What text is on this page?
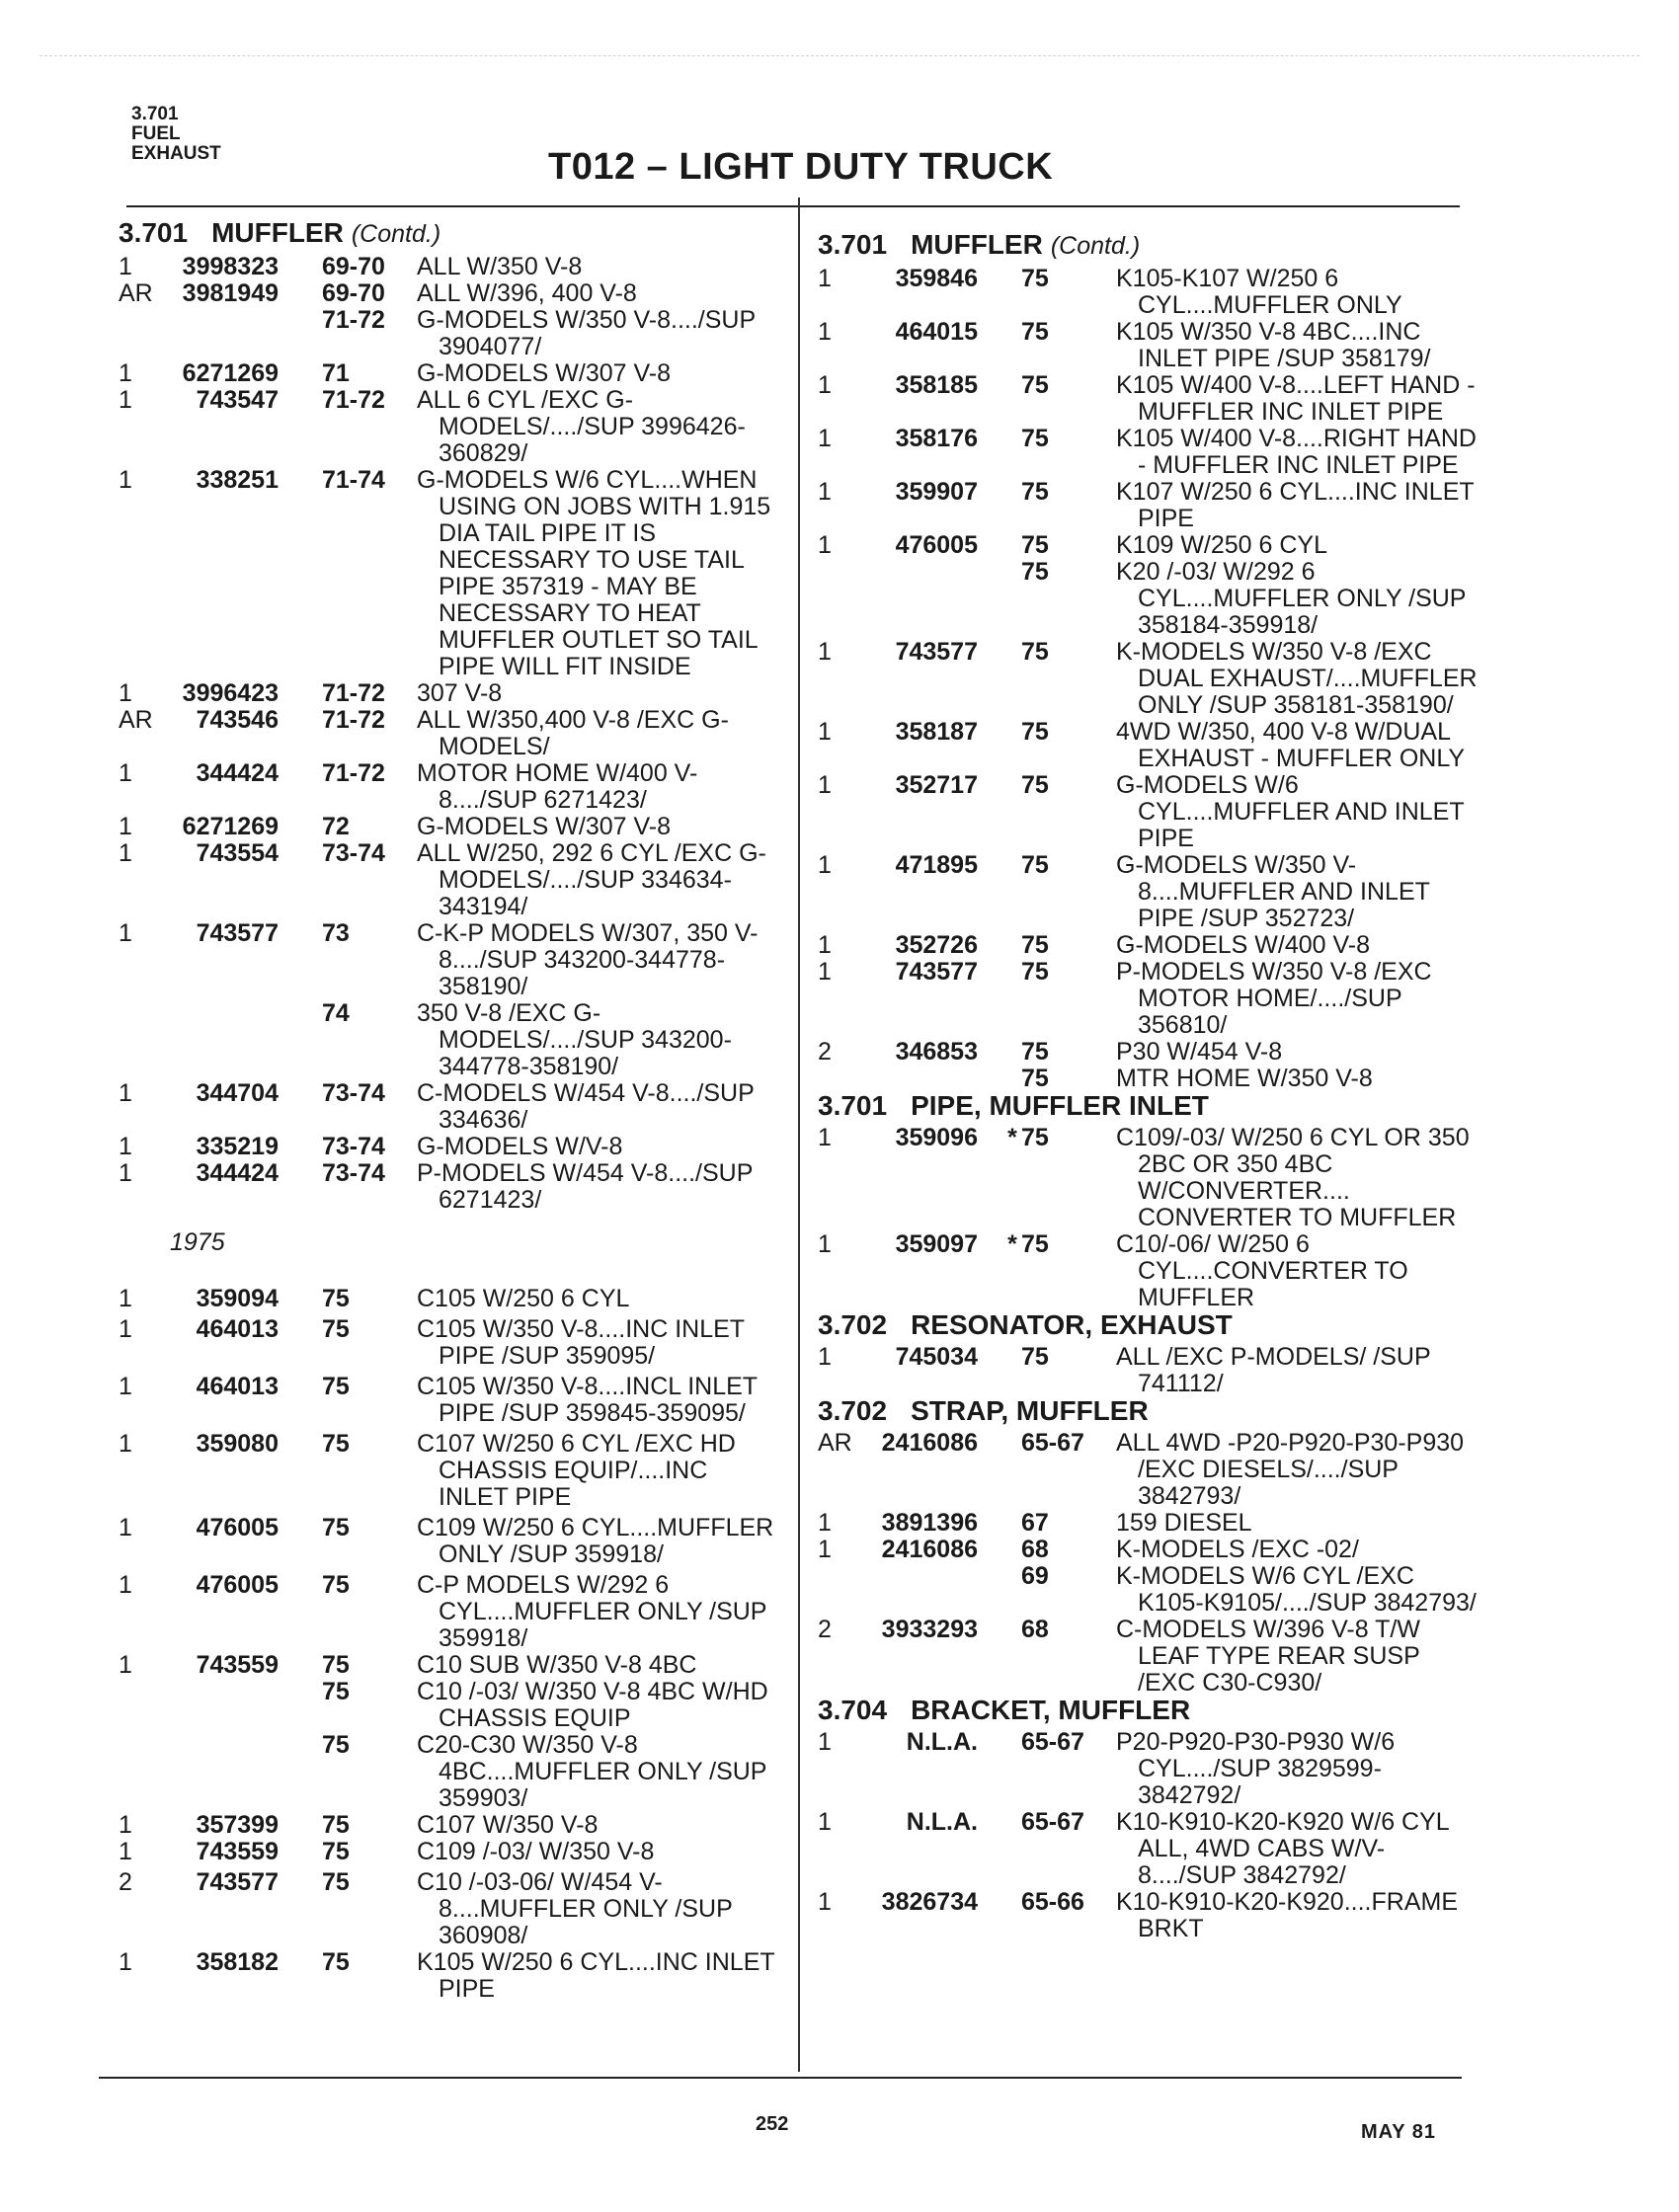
3.701
FUEL
EXHAUST	T012 – LIGHT DUTY TRUCK
3.701 MUFFLER (Contd.)
1	3998323	69-70	ALL W/350 V-8
AR	3981949	69-70	ALL W/396, 400 V-8
71-72	G-MODELS W/350 V-8..../SUP
3904077/
1	6271269	71	G-MODELS W/307 V-8
1	743547	71-72	ALL 6 CYL /EXC G-
MODELS/..../SUP 3996426-
360829/
1	338251	71-74	G-MODELS W/6 CYL....WHEN
USING ON JOBS WITH 1.915
DIA TAIL PIPE IT IS
NECESSARY TO USE TAIL
PIPE 357319 - MAY BE
NECESSARY TO HEAT
MUFFLER OUTLET SO TAIL
PIPE WILL FIT INSIDE
1	3996423	71-72	307 V-8
AR	743546	71-72	ALL W/350,400 V-8 /EXC G-
MODELS/
1	344424	71-72	MOTOR HOME W/400 V-
8..../SUP 6271423/
1	6271269	72	G-MODELS W/307 V-8
1	743554	73-74	ALL W/250, 292 6 CYL /EXC G-
MODELS/..../SUP 334634-
343194/
1	743577	73	C-K-P MODELS W/307, 350 V-
8..../SUP 343200-344778-
358190/
74	350 V-8 /EXC G-
MODELS/..../SUP 343200-
344778-358190/
1	344704	73-74	C-MODELS W/454 V-8..../SUP
334636/
1	335219	73-74	G-MODELS W/V-8
1	344424	73-74	P-MODELS W/454 V-8..../SUP
6271423/
1975
1	359094	75	C105 W/250 6 CYL
1	464013	75	C105 W/350 V-8....INC INLET
PIPE /SUP 359095/
1	464013	75	C105 W/350 V-8....INCL INLET
PIPE /SUP 359845-359095/
1	359080	75	C107 W/250 6 CYL /EXC HD
CHASSIS EQUIP/....INC
INLET PIPE
1	476005	75	C109 W/250 6 CYL....MUFFLER
ONLY /SUP 359918/
1	476005	75	C-P MODELS W/292 6
CYL....MUFFLER ONLY /SUP
359918/
1	743559	75	C10 SUB W/350 V-8 4BC
75	C10 /-03/ W/350 V-8 4BC W/HD
CHASSIS EQUIP
75	C20-C30 W/350 V-8
4BC....MUFFLER ONLY /SUP
359903/
1	357399	75	C107 W/350 V-8
1	743559	75	C109 /-03/ W/350 V-8
2	743577	75	C10 /-03-06/ W/454 V-
8....MUFFLER ONLY /SUP
360908/
1	358182	75	K105 W/250 6 CYL....INC INLET
PIPE
3.701 MUFFLER (Contd.)
1	359846	75	K105-K107 W/250 6
CYL....MUFFLER ONLY
1	464015	75	K105 W/350 V-8 4BC....INC
INLET PIPE /SUP 358179/
1	358185	75	K105 W/400 V-8....LEFT HAND -
MUFFLER INC INLET PIPE
1	358176	75	K105 W/400 V-8....RIGHT HAND
- MUFFLER INC INLET PIPE
1	359907	75	K107 W/250 6 CYL....INC INLET
PIPE
1	476005	75	K109 W/250 6 CYL
75	K20 /-03/ W/292 6
CYL....MUFFLER ONLY /SUP
358184-359918/
1	743577	75	K-MODELS W/350 V-8 /EXC
DUAL EXHAUST/....MUFFLER
ONLY /SUP 358181-358190/
1	358187	75	4WD W/350, 400 V-8 W/DUAL
EXHAUST - MUFFLER ONLY
1	352717	75	G-MODELS W/6
CYL....MUFFLER AND INLET
PIPE
1	471895	75	G-MODELS W/350 V-
8....MUFFLER AND INLET
PIPE /SUP 352723/
1	352726	75	G-MODELS W/400 V-8
1	743577	75	P-MODELS W/350 V-8 /EXC
MOTOR HOME/..../SUP
356810/
2	346853	75	P30 W/454 V-8
75	MTR HOME W/350 V-8
3.701 PIPE, MUFFLER INLET
1	359096	* 75	C109/-03/ W/250 6 CYL OR 350
2BC OR 350 4BC
W/CONVERTER....
CONVERTER TO MUFFLER
1	359097	* 75	C10/-06/ W/250 6
CYL....CONVERTER TO
MUFFLER
3.702 RESONATOR, EXHAUST
1	745034	75	ALL /EXC P-MODELS/ /SUP
741112/
3.702 STRAP, MUFFLER
AR	2416086	65-67	ALL 4WD -P20-P920-P30-P930
/EXC DIESELS/..../SUP
3842793/
1	3891396	67	159 DIESEL
1	2416086	68	K-MODELS /EXC -02/
69	K-MODELS W/6 CYL /EXC
K105-K9105/..../SUP 3842793/
2	3933293	68	C-MODELS W/396 V-8 T/W
LEAF TYPE REAR SUSP
/EXC C30-C930/
3.704 BRACKET, MUFFLER
1	N.L.A.	65-67	P20-P920-P30-P930 W/6
CYL..../SUP 3829599-
3842792/
1	N.L.A.	65-67	K10-K910-K20-K920 W/6 CYL
ALL, 4WD CABS W/V-
8..../SUP 3842792/
1	3826734	65-66	K10-K910-K20-K920....FRAME
BRKT
252	MAY 81
